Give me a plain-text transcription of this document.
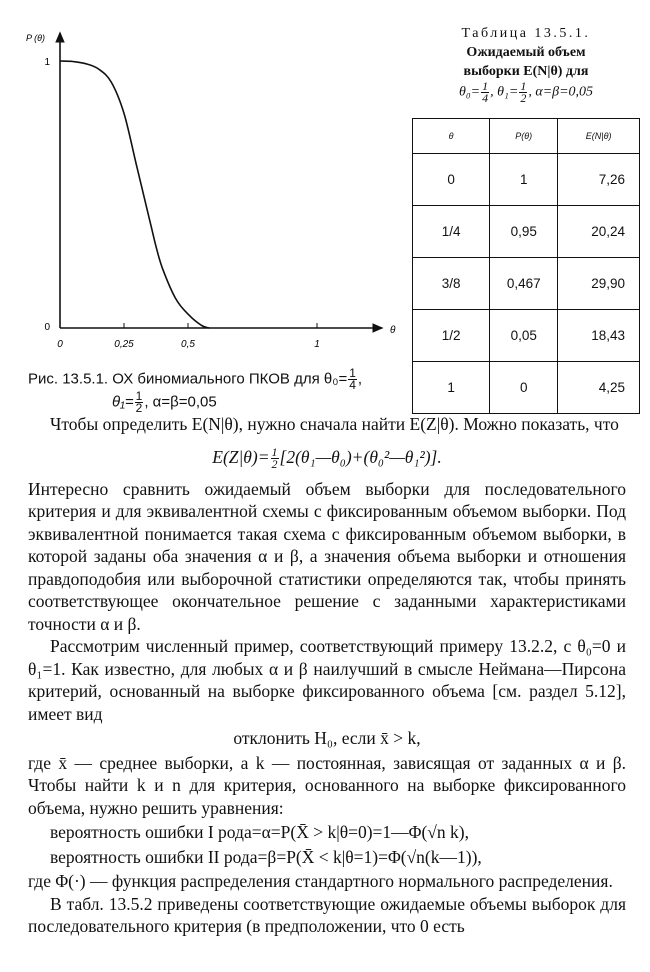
P (θ)
θ
1
0
0	0,25	0,5	1
Рис. 13.5.1. ОХ биномиального ПКОВ для $\theta_0= \frac{1}{4}$ ,
$\theta_1= \frac{1}{2}$ , α=β=0,05
Таблица 13.5.1.
Ожидаемый объем
выборки E(N|θ) для
$\theta_0= \frac{1}{4}$ , $\theta_1= \frac{1}{2}$ , α=β=0,05
θ	P(θ)	E(N|θ)
0	1	7,26
1/4	0,95	20,24
3/8	0,467	29,90
1/2	0,05	18,43
1	0	4,25

Чтобы определить E(N|θ), нужно сначала найти E(Z|θ). Можно показать, что

$E(Z|\theta)= \frac{1}{2}$ [2(θ₁—θ₀)+(θ₀²—θ₁²)].

Интересно сравнить ожидаемый объем выборки для последовательного критерия и для эквивалентной схемы с фиксированным объемом выборки. Под эквивалентной понимается такая схема с фиксированным объемом выборки, в которой заданы оба значения α и β, а значения объема выборки и отношения правдоподобия или выборочной статистики определяются так, чтобы принять соответствующее окончательное решение с заданными характеристиками точности α и β.

Рассмотрим численный пример, соответствующий примеру 13.2.2, с θ₀=0 и θ₁=1. Как известно, для любых α и β наилучший в смысле Неймана—Пирсона критерий, основанный на выборке фиксированного объема [см. раздел 5.12], имеет вид

отклонить H₀, если x̄ > k,

где x̄ — среднее выборки, а k — постоянная, зависящая от заданных α и β. Чтобы найти k и n для критерия, основанного на выборке фиксированного объема, нужно решить уравнения:

вероятность ошибки I рода=α=P(X̄ > k|θ=0)=1—Φ(√n k),
вероятность ошибки II рода=β=P(X̄ < k|θ=1)=Φ(√n(k—1)),

где Φ(·) — функция распределения стандартного нормального распределения.

В табл. 13.5.2 приведены соответствующие ожидаемые объемы выборок для последовательного критерия (в предположении, что 0 есть
